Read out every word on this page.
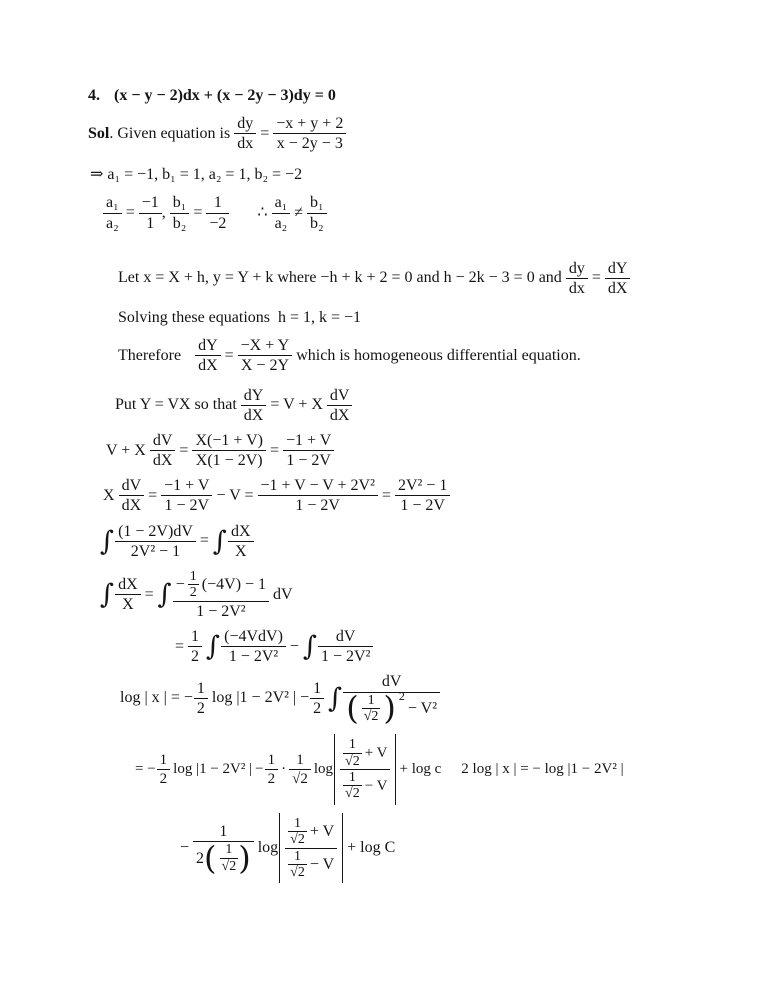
4. (x − y − 2)dx + (x − 2y − 3)dy = 0
Sol . Given equation is $\frac{dy}{dx} = \frac{-x + y + 2}{x - 2y - 3}$
⇒ a₁ = −1, b₁ = 1, a₂ = 1, b₂ = −2
$\frac{\text{a₁}}{\text{a₂}} = \frac{-1}{1}$ , $\frac{\text{b₁}}{\text{b₂}} = \frac{1}{-2}$ ∴ $\frac{\text{a₁}}{\text{a₂}} \ne \frac{\text{b₁}}{\text{b₂}}$
Let x = X + h, y = Y + k where −h + k + 2 = 0 and h − 2k − 3 = 0 and $\frac{dy}{dx} = \frac{dY}{dX}$
Solving these equations  h = 1, k = −1
Therefore $\frac{dY}{dX} = \frac{-X + Y}{X - 2Y}$ which is homogeneous differential equation.
Put Y = VX so that $\frac{dY}{dX} = V + X \frac{dV}{dX}$
V + X $\frac{dV}{dX} = \frac{X(-1 + V)}{X(1 - 2V)} = \frac{-1 + V}{1 - 2V}$
X $\frac{dV}{dX} = \frac{-1 + V}{1 - 2V} - V = \frac{\text{−1 + V − V + 2V²}}{1 - 2V} = \frac{\text{2V² − 1}}{1 - 2V}$
∫ $\frac{(1 - 2V)dV}{\text{2V² − 1}}$ = ∫ $\frac{dX}{X}$
∫ $\frac{dX}{X}$ = ∫ − $\frac{1}{2} (-4V) - 1$
1 − 2V²
dV
= $\frac{1}{2}$ ∫ $\frac{\text{(−4VdV)}}{\text{1 − 2V²}}$ − ∫ $\frac{dV}{\text{1 − 2V²}}$
log | x | = − $\frac{1}{2}$ log |1 − 2V² | − $\frac{1}{2}$ ∫
dV
( $\frac{1}{√2}$ ) 2
− V²
= − $\frac{1}{2}$ log |1 − 2V² | − $\frac{1}{2} \cdot \frac{1}{√2}$ $\log \frac{\frac{1}{√2} + V}{\frac{1}{√2} - V} + \log c$ 2 log | x | = − log |1 − 2V² |
−
1
2 ( $\frac{1}{√2}$ ) $\log \frac{\frac{1}{√2} + V}{\frac{1}{√2} - V} + \log C$
